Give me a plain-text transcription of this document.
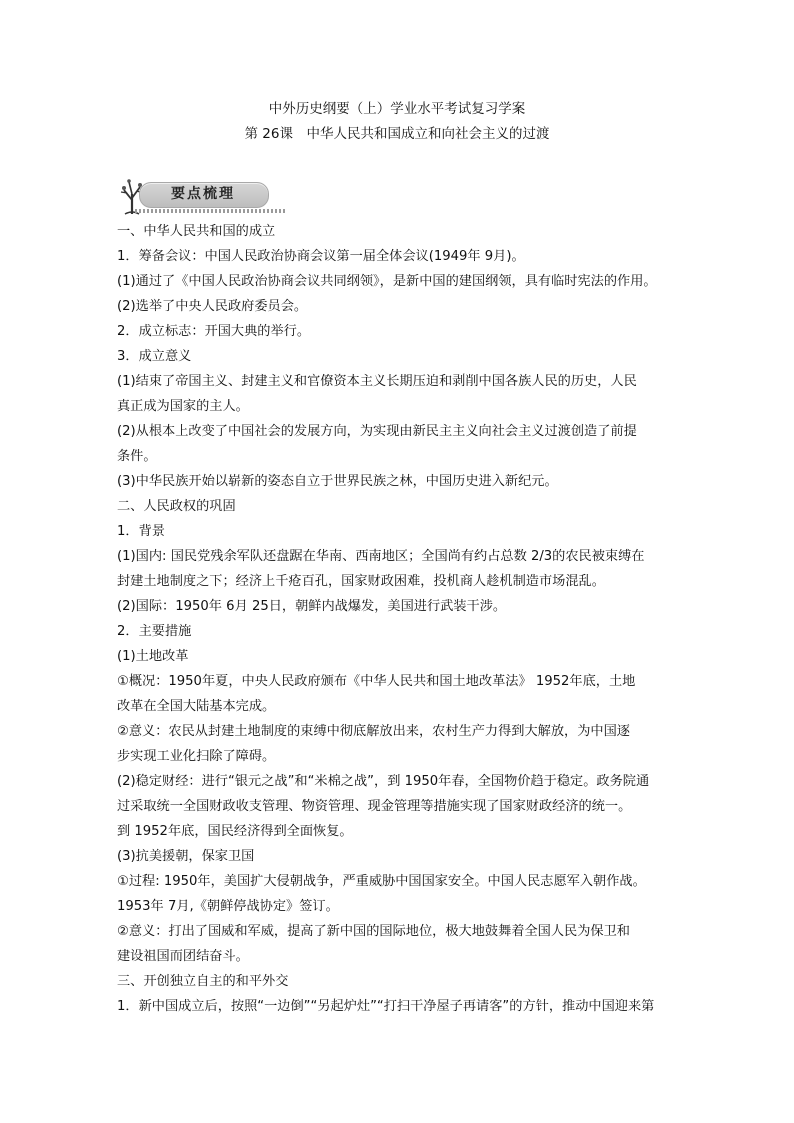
中外历史纲要（上）学业水平考试复习学案
第 26课　中华人民共和国成立和向社会主义的过渡
要点梳理

一、中华人民共和国的成立

1．筹备会议：中国人民政治协商会议第一届全体会议(1949年 9月)。

(1)通过了《中国人民政治协商会议共同纲领》，是新中国的建国纲领，具有临时宪法的作用。

(2)选举了中央人民政府委员会。

2．成立标志：开国大典的举行。

3．成立意义

(1)结束了帝国主义、封建主义和官僚资本主义长期压迫和剥削中国各族人民的历史，人民

真正成为国家的主人。

(2)从根本上改变了中国社会的发展方向，为实现由新民主主义向社会主义过渡创造了前提

条件。

(3)中华民族开始以崭新的姿态自立于世界民族之林，中国历史进入新纪元。

二、人民政权的巩固

1．背景

(1)国内: 国民党残余军队还盘踞在华南、西南地区；全国尚有约占总数 2/3的农民被束缚在

封建土地制度之下；经济上千疮百孔，国家财政困难，投机商人趁机制造市场混乱。

(2)国际：1950年 6月 25日，朝鲜内战爆发，美国进行武装干涉。

2．主要措施

(1)土地改革

①概况：1950年夏，中央人民政府颁布《中华人民共和国土地改革法》 1952年底，土地

改革在全国大陆基本完成。

②意义：农民从封建土地制度的束缚中彻底解放出来，农村生产力得到大解放，为中国逐

步实现工业化扫除了障碍。

(2)稳定财经：进行“银元之战”和“米棉之战”，到 1950年春，全国物价趋于稳定。政务院通

过采取统一全国财政收支管理、物资管理、现金管理等措施实现了国家财政经济的统一。

到 1952年底，国民经济得到全面恢复。

(3)抗美援朝，保家卫国

①过程: 1950年，美国扩大侵朝战争，严重威胁中国国家安全。中国人民志愿军入朝作战。

1953年 7月,《朝鲜停战协定》签订。

②意义：打出了国威和军威，提高了新中国的国际地位，极大地鼓舞着全国人民为保卫和

建设祖国而团结奋斗。

三、开创独立自主的和平外交

1．新中国成立后，按照“一边倒”“另起炉灶”“打扫干净屋子再请客”的方针，推动中国迎来第
